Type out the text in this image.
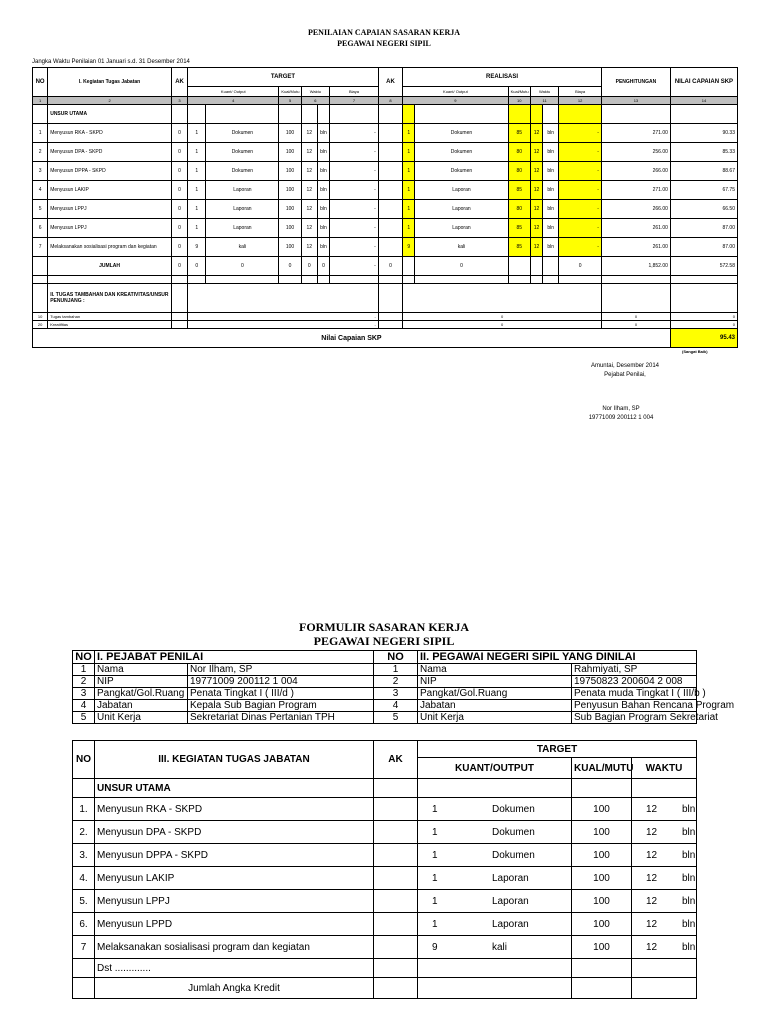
PENILAIAN CAPAIAN SASARAN KERJA
PEGAWAI NEGERI SIPIL
Jangka Waktu Penilaian 01 Januari s.d. 31 Desember 2014
NO	I. Kegiatan Tugas Jabatan	AK	TARGET						AK	REALISASI						PENGHITUNGAN	NILAI CAPAIAN SKP
			Kuant/ Output		Kual/Mutu	Waktu		Biaya		Kuant/ Output		Kual/Mutu	Waktu		Biaya		
1	2	3	4		5	6		7	8	9		10	11		12	13	14
	UNSUR UTAMA																
1	Menyusun RKA - SKPD	0	1	Dokumen	100	12	bln	-		1	Dokumen	85	12	bln	-	271.00	90.33
2	Menyusun DPA - SKPD	0	1	Dokumen	100	12	bln	-		1	Dokumen	80	12	bln	-	256.00	85.33
3	Menyusun DPPA - SKPD	0	1	Dokumen	100	12	bln	-		1	Dokumen	80	12	bln	-	266.00	88.67
4	Menyusun LAKIP	0	1	Laporan	100	12	bln	-		1	Laporan	85	12	bln	-	271.00	67.75
5	Menyusun LPPJ	0	1	Laporan	100	12	bln	-		1	Laporan	80	12	bln	-	266.00	66.50
6	Menyusun LPPJ	0	1	Laporan	100	12	bln	-		1	Laporan	85	12	bln	-	261.00	87.00
7	Melaksanakan sosialisasi program dan kegiatan	0	9	kali	100	12	bln	-		9	kali	85	12	bln	-	261.00	87.00
	JUMLAH	0	0	0	0	0	0	-	0		0				0	1,852.00	572.58

	II. TUGAS TAMBAHAN DAN KREATIVITAS/UNSUR PENUNJANG :																
10	Tugas tambahan		-							0						0	0
20	Kreatifitas		-							0						0	0
Nilai Capaian SKP																	95.43
(Sangat Baik)
Amuntai, Desember 2014
Pejabat Penilai,
Nor Ilham, SP
19771009 200112 1 004
FORMULIR SASARAN KERJA
PEGAWAI NEGERI SIPIL
NO	I. PEJABAT PENILAI		NO	II. PEGAWAI NEGERI SIPIL YANG DINILAI	
1	Nama	Nor Ilham, SP	1	Nama	Rahmiyati, SP
2	NIP	19771009 200112 1 004	2	NIP	19750823 200604 2 008
3	Pangkat/Gol.Ruang	Penata Tingkat I ( III/d )	3	Pangkat/Gol.Ruang	Penata muda Tingkat I ( III/b )
4	Jabatan	Kepala Sub Bagian Program	4	Jabatan	Penyusun Bahan Rencana Program
5	Unit Kerja	Sekretariat Dinas Pertanian TPH	5	Unit Kerja	Sub Bagian Program Sekretariat
NO	III. KEGIATAN TUGAS JABATAN	AK	TARGET		
			KUANT/OUTPUT	KUAL/MUTU	WAKTU
	UNSUR UTAMA				
1.	Menyusun RKA - SKPD		1 Dokumen	100	12 bln
2.	Menyusun DPA - SKPD		1 Dokumen	100	12 bln
3.	Menyusun DPPA - SKPD		1 Dokumen	100	12 bln
4.	Menyusun LAKIP		1 Laporan	100	12 bln
5.	Menyusun LPPJ		1 Laporan	100	12 bln
6.	Menyusun LPPD		1 Laporan	100	12 bln
7	Melaksanakan sosialisasi program dan kegiatan		9 kali	100	12 bln
	Dst .............				
	Jumlah Angka Kredit				
